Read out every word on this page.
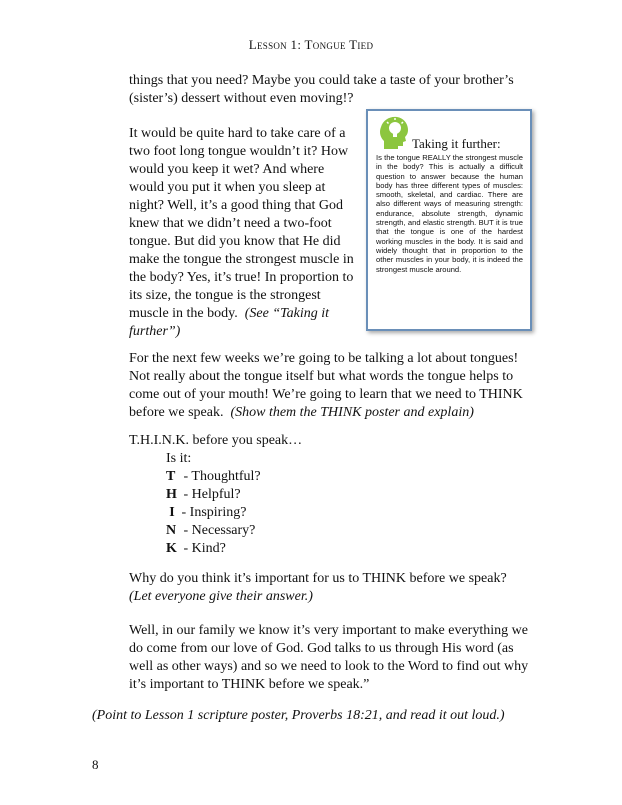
Lesson 1: Tongue Tied

things that you need? Maybe you could take a taste of your brother’s (sister’s) dessert without even moving!?

It would be quite hard to take care of a two foot long tongue wouldn’t it? How would you keep it wet? And where would you put it when you sleep at night? Well, it’s a good thing that God knew that we didn’t need a two-foot tongue. But did you know that He did make the tongue the strongest muscle in the body? Yes, it’s true! In proportion to its size, the tongue is the strongest muscle in the body. (See “Taking it further”)

Taking it further:
Is the tongue REALLY the strongest muscle in the body? This is actually a difficult question to answer because the human body has three different types of muscles: smooth, skeletal, and cardiac. There are also different ways of measuring strength: endurance, absolute strength, dynamic strength, and elastic strength. BUT it is true that the tongue is one of the hardest working muscles in the body. It is said and widely thought that in proportion to the other muscles in your body, it is indeed the strongest muscle around.

For the next few weeks we’re going to be talking a lot about tongues! Not really about the tongue itself but what words the tongue helps to come out of your mouth! We’re going to learn that we need to THINK before we speak. (Show them the THINK poster and explain)

T.H.I.N.K. before you speak…
Is it:
T - Thoughtful?
H - Helpful?
I - Inspiring?
N - Necessary?
K - Kind?
Why do you think it’s important for us to THINK before we speak?
(Let everyone give their answer.)

Well, in our family we know it’s very important to make everything we do come from our love of God. God talks to us through His word (as well as other ways) and so we need to look to the Word to find out why it’s important to THINK before we speak.”

(Point to Lesson 1 scripture poster, Proverbs 18:21, and read it out loud.)

8
